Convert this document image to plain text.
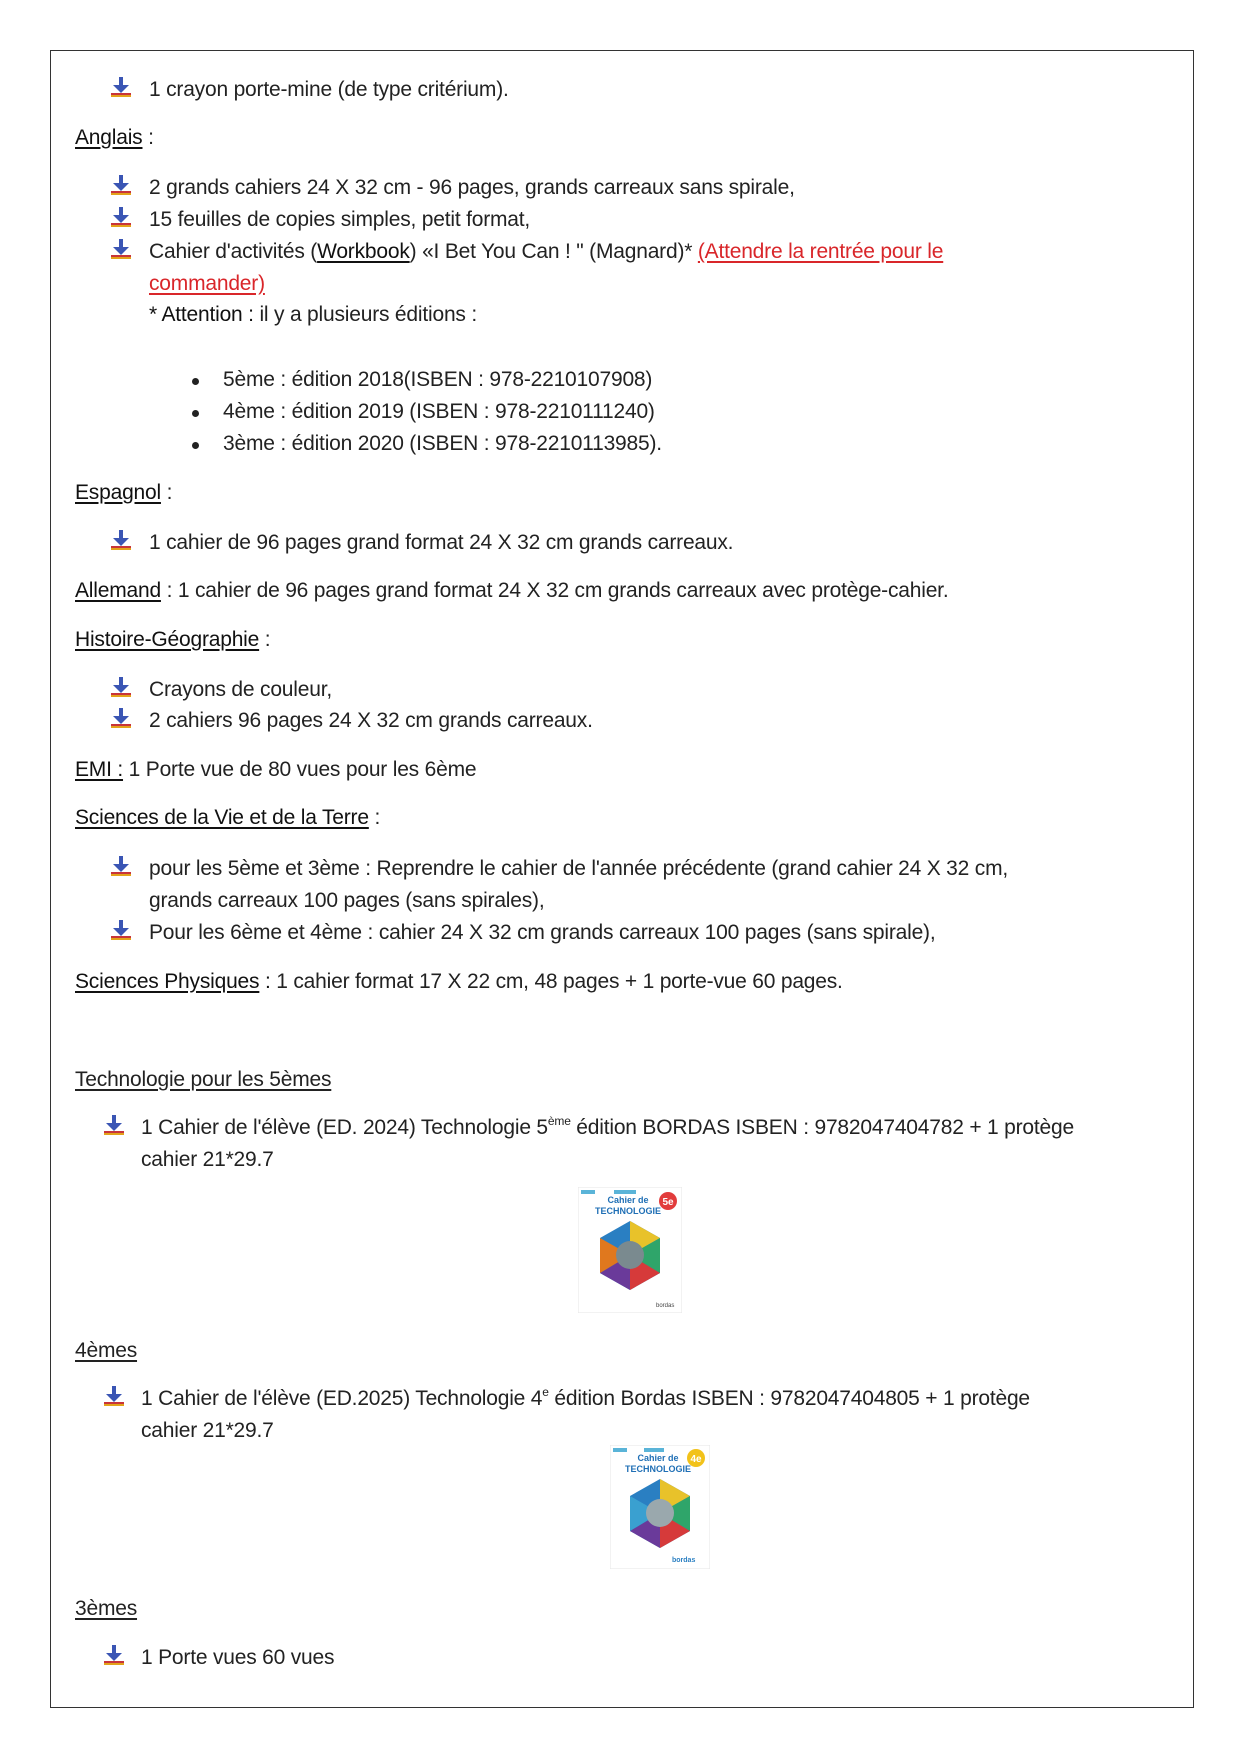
1 crayon porte-mine (de type critérium).
Anglais :
2 grands cahiers 24 X 32 cm - 96 pages, grands carreaux sans spirale,
15 feuilles de copies simples, petit format,
Cahier d'activités (Workbook) «I Bet You Can ! " (Magnard)* (Attendre la rentrée pour le
commander)
* Attention : il y a plusieurs éditions :
5ème : édition 2018(ISBEN : 978-2210107908)
4ème : édition 2019 (ISBEN : 978-2210111240)
3ème : édition 2020 (ISBEN : 978-2210113985).
Espagnol :
1 cahier de 96 pages grand format 24 X 32 cm grands carreaux.
Allemand : 1 cahier de 96 pages grand format 24 X 32 cm grands carreaux avec protège-cahier.
Histoire-Géographie :
Crayons de couleur,
2 cahiers 96 pages 24 X 32 cm grands carreaux.
EMI : 1 Porte vue de 80 vues pour les 6ème
Sciences de la Vie et de la Terre :
pour les 5ème et 3ème : Reprendre le cahier de l'année précédente (grand cahier 24 X 32 cm,
grands carreaux 100 pages (sans spirales),
Pour les 6ème et 4ème : cahier 24 X 32 cm grands carreaux 100 pages (sans spirale),
Sciences Physiques : 1 cahier format 17 X 22 cm, 48 pages + 1 porte-vue 60 pages.
Technologie pour les 5èmes
1 Cahier de l'élève (ED. 2024) Technologie 5ème édition BORDAS ISBEN : 9782047404782 + 1 protège
cahier 21*29.7
5e
Cahier de
TECHNOLOGIE
bordas
4èmes
1 Cahier de l'élève (ED.2025) Technologie 4e édition Bordas ISBEN : 9782047404805 + 1 protège
cahier 21*29.7
4e
Cahier de
TECHNOLOGIE
bordas
3èmes
1 Porte vues 60 vues
